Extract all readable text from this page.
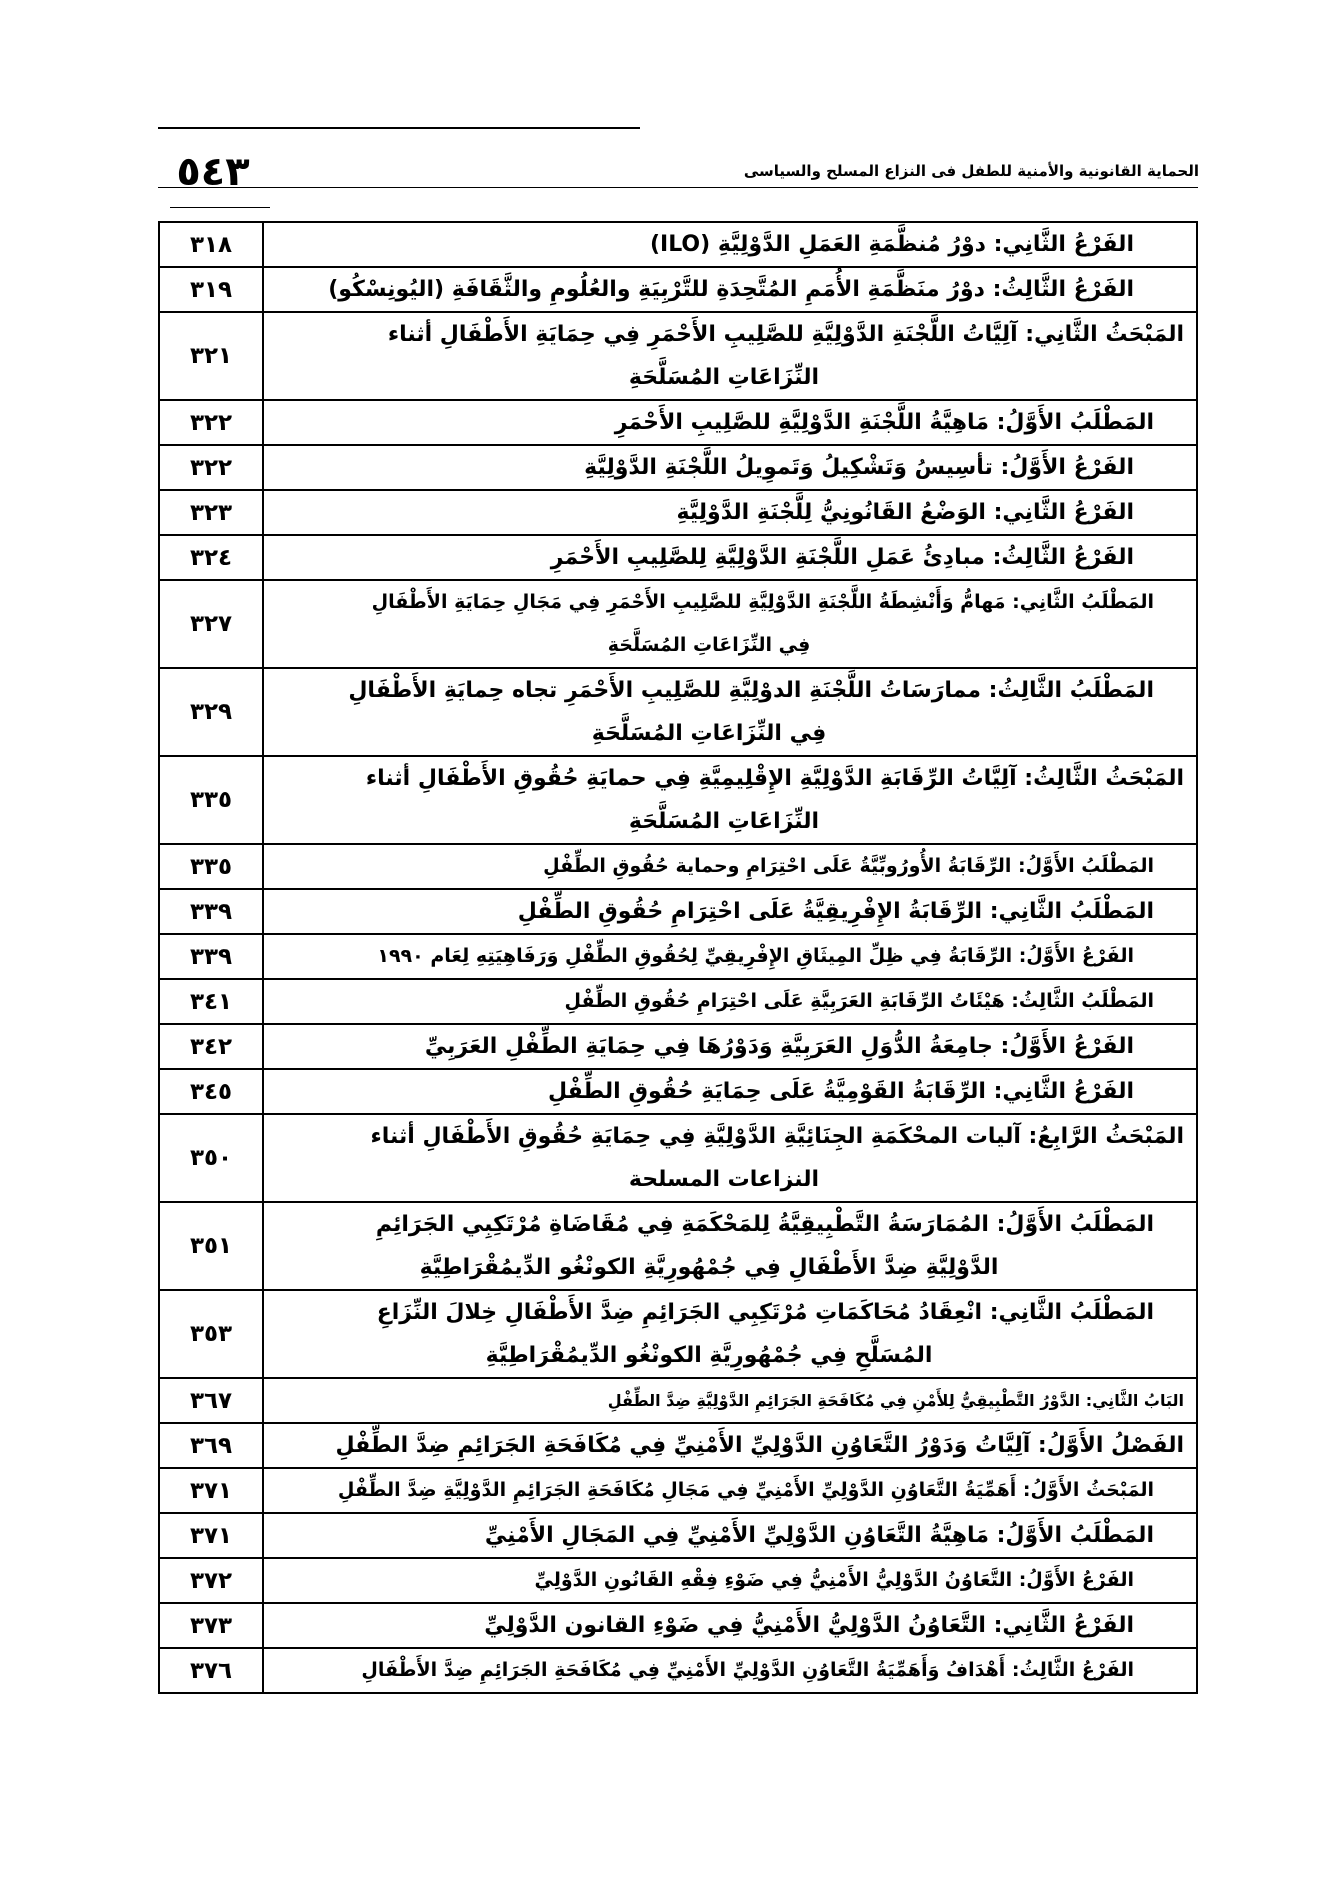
٥٤٣	الحماية القانونية والأمنية للطفل فى النزاع المسلح والسياسى
٣١٨	الفَرْعُ الثَّانِي: دوْرُ مُنظَّمَةِ العَمَلِ الدَّوْلِيَّةِ (ILO)
٣١٩	الفَرْعُ الثَّالِثُ: دوْرُ منَظَّمَةِ الأُمَمِ المُتَّحِدَةِ للتَّرْبِيَةِ والعُلُومِ والثَّقَافَةِ (اليُونِسْكُو)
٣٢١	المَبْحَثُ الثَّانِي: آلِيَّاتُ اللَّجْنَةِ الدَّوْلِيَّةِ للصَّلِيبِ الأَحْمَرِ فِي حِمَايَةِ الأَطْفَالِ أثناء
النِّزَاعَاتِ المُسَلَّحَةِ

٣٢٢	المَطْلَبُ الأَوَّلُ: مَاهِيَّةُ اللَّجْنَةِ الدَّوْلِيَّةِ للصَّلِيبِ الأَحْمَرِ
٣٢٢	الفَرْعُ الأَوَّلُ: تأسِيسُ وَتَشْكِيلُ وَتَموِيلُ اللَّجْنَةِ الدَّوْلِيَّةِ
٣٢٣	الفَرْعُ الثَّانِي: الوَضْعُ القَانُونِيُّ لِلَّجْنَةِ الدَّوْلِيَّةِ
٣٢٤	الفَرْعُ الثَّالِثُ: مبادِئُ عَمَلِ اللَّجْنَةِ الدَّوْلِيَّةِ لِلصَّلِيبِ الأَحْمَرِ
٣٢٧	المَطْلَبُ الثَّانِي: مَهامُّ وَأَنْشِطَةُ اللَّجْنَةِ الدَّوْلِيَّةِ للصَّلِيبِ الأَحْمَرِ فِي مَجَالِ حِمَايَةِ الأَطْفَالِ
فِي النِّزَاعَاتِ المُسَلَّحَةِ

٣٢٩	المَطْلَبُ الثَّالِثُ: ممارَسَاتُ اللَّجْنَةِ الدوْلِيَّةِ للصَّلِيبِ الأَحْمَرِ تجاه حِمايَةِ الأَطْفَالِ
فِي النِّزَاعَاتِ المُسَلَّحَةِ

٣٣٥	المَبْحَثُ الثَّالِثُ: آلِيَّاتُ الرِّقَابَةِ الدَّوْلِيَّةِ الإِقْلِيمِيَّةِ فِي حمايَةِ حُقُوقِ الأَطْفَالِ أثناء
النِّزَاعَاتِ المُسَلَّحَةِ

٣٣٥	المَطْلَبُ الأَوَّلُ: الرِّقَابَةُ الأُورُوبِّيَّةُ عَلَى احْتِرَامِ وحماية حُقُوقِ الطِّفْلِ
٣٣٩	المَطْلَبُ الثَّانِي: الرِّقَابَةُ الإِفْرِيقِيَّةُ عَلَى احْتِرَامِ حُقُوقِ الطِّفْلِ
٣٣٩	الفَرْعُ الأَوَّلُ: الرِّقَابَةُ فِي ظِلِّ المِيثَاقِ الإِفْرِيقِيِّ لِحُقُوقِ الطِّفْلِ وَرَفَاهِيَتِهِ لِعَام ١٩٩٠
٣٤١	المَطْلَبُ الثَّالِثُ: هَيْئَاتُ الرِّقَابَةِ العَرَبِيَّةِ عَلَى احْتِرَامِ حُقُوقِ الطِّفْلِ
٣٤٢	الفَرْعُ الأَوَّلُ: جامِعَةُ الدُّوَلِ العَرَبِيَّةِ وَدَوْرُهَا فِي حِمَايَةِ الطِّفْلِ العَرَبِيِّ
٣٤٥	الفَرْعُ الثَّانِي: الرِّقَابَةُ القَوْمِيَّةُ عَلَى حِمَايَةِ حُقُوقِ الطِّفْلِ
٣٥٠	المَبْحَثُ الرَّابِعُ: آليات المحْكَمَةِ الجِنَائِيَّةِ الدَّوْلِيَّةِ فِي حِمَايَةِ حُقُوقِ الأَطْفَالِ أثناء
النزاعات المسلحة

٣٥١	المَطْلَبُ الأَوَّلُ: المُمَارَسَةُ التَّطْبِيقِيَّةُ لِلمَحْكَمَةِ فِي مُقَاضَاةِ مُرْتَكِبِي الجَرَائِمِ
الدَّوْلِيَّةِ ضِدَّ الأَطْفَالِ فِي جُمْهُورِيَّةِ الكونْغُو الدِّيمُقْرَاطِيَّةِ

٣٥٣	المَطْلَبُ الثَّانِي: انْعِقَادُ مُحَاكَمَاتِ مُرْتَكِبِي الجَرَائِمِ ضِدَّ الأَطْفَالِ خِلالَ النِّزَاعِ
المُسَلَّحِ فِي جُمْهُورِيَّةِ الكونْغُو الدِّيمُقْرَاطِيَّةِ

٣٦٧	البَابُ الثَّانِي: الدَّوْرُ التَّطْبِيقِيُّ لِلأَمْنِ فِي مُكَافَحَةِ الجَرَائِمِ الدَّوْلِيَّةِ ضِدَّ الطِّفْلِ
٣٦٩	الفَصْلُ الأَوَّلُ: آلِيَّاتُ وَدَوْرُ التَّعَاوُنِ الدَّوْلِيِّ الأَمْنِيِّ فِي مُكَافَحَةِ الجَرَائِمِ ضِدَّ الطِّفْلِ
٣٧١	المَبْحَثُ الأَوَّلُ: أَهَمِّيَةُ التَّعَاوُنِ الدَّوْلِيِّ الأَمْنِيِّ فِي مَجَالِ مُكَافَحَةِ الجَرَائِمِ الدَّوْلِيَّةِ ضِدَّ الطِّفْلِ
٣٧١	المَطْلَبُ الأَوَّلُ: مَاهِيَّةُ التَّعَاوُنِ الدَّوْلِيِّ الأَمْنِيِّ فِي المَجَالِ الأَمْنِيِّ
٣٧٢	الفَرْعُ الأَوَّلُ: التَّعَاوُنُ الدَّوْلِيُّ الأَمْنِيُّ فِي ضَوْءِ فِقْهِ القَانُونِ الدَّوْلِيِّ
٣٧٣	الفَرْعُ الثَّانِي: التَّعَاوُنُ الدَّوْلِيُّ الأَمْنِيُّ فِي ضَوْءِ القانون الدَّوْلِيِّ
٣٧٦	الفَرْعُ الثَّالِثُ: أَهْدَافُ وَأَهَمِّيَةُ التَّعَاوُنِ الدَّوْلِيِّ الأَمْنِيِّ فِي مُكَافَحَةِ الجَرَائِمِ ضِدَّ الأَطْفَالِ
